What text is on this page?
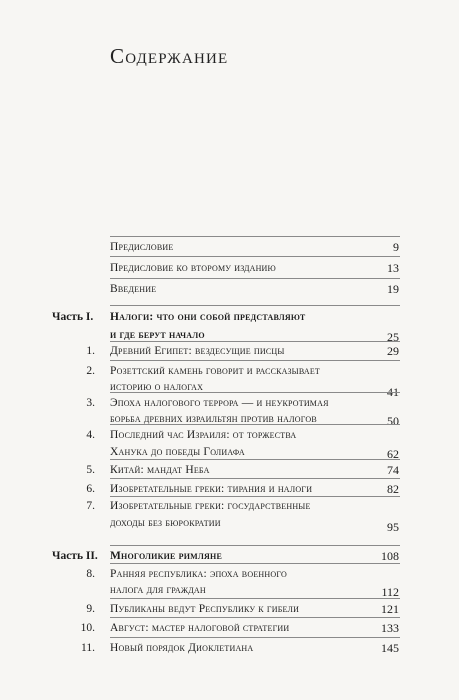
Содержание
Предисловие	9
Предисловие ко второму изданию	13
Введение	19
Часть I. Налоги: что они собой представляют
и где берут начало	25
1. Древний Египет: вездесущие писцы	29
2. Розеттский камень говорит и рассказывает
историю о налогах	41
3. Эпоха налогового террора — и неукротимая
борьба древних израильтян против налогов	50
4. Последний час Израиля: от торжества
Ханука до победы Голиафа	62
5. Китай: мандат Неба	74
6. Изобретательные греки: тирания и налоги	82
7. Изобретательные греки: государственные
доходы без бюрократии	95
Часть II. Многоликие римляне	108
8. Ранняя республика: эпоха военного
налога для граждан	112
9. Публиканы ведут Республику к гибели	121
10. Август: мастер налоговой стратегии	133
11. Новый порядок Диоклетиана	145
